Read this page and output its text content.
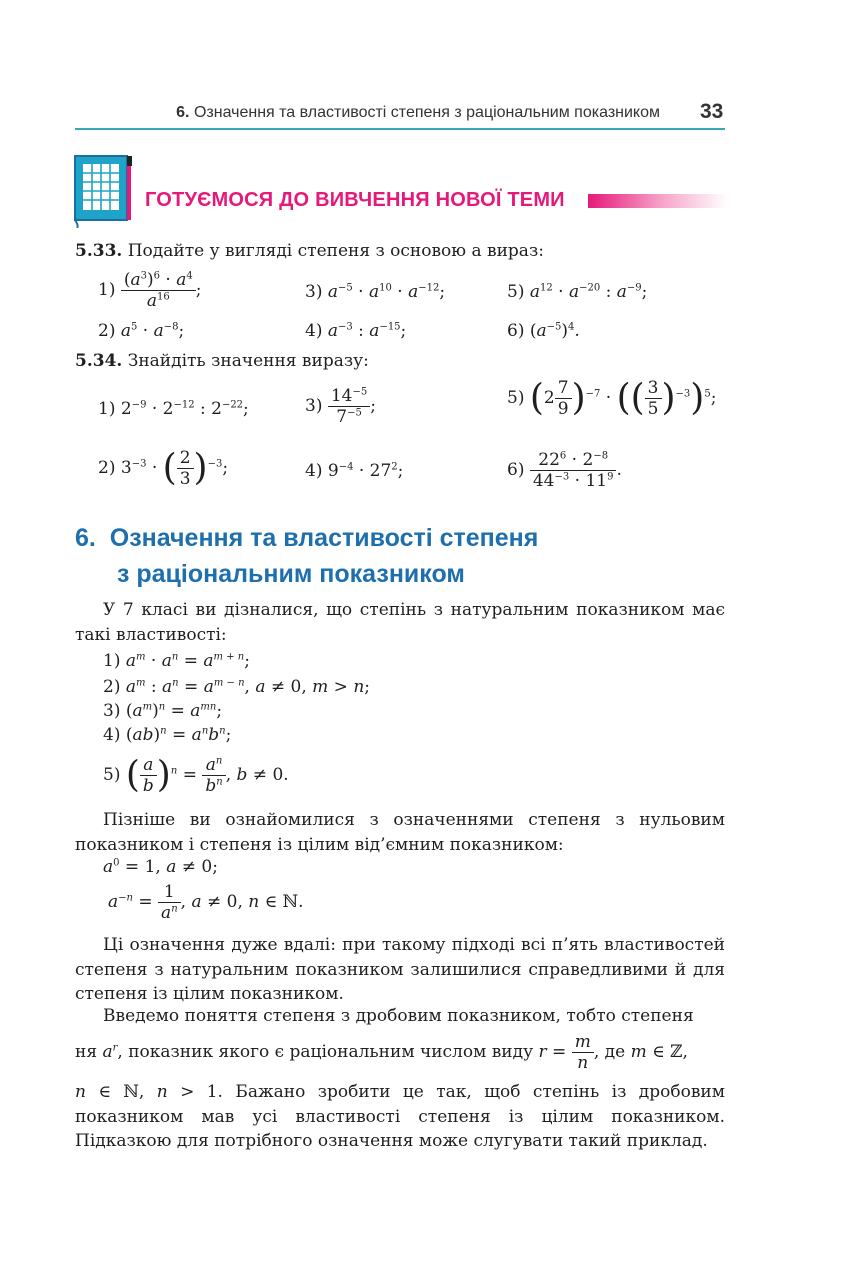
6. Означення та властивості степеня з раціональним показником 33
ГОТУЄМОСЯ ДО ВИВЧЕННЯ НОВОЇ ТЕМИ
5.33. Подайте у вигляді степеня з основою a вираз:
$1) \frac{(a^3)^6 \cdot a^4}{a^{16}}$ ;	3) $a^{-5} \cdot a^{10} \cdot a^{-12}$;	5) $a^{12} \cdot a^{-20}$ : $a^{-9}$;
2) $a^5 \cdot a^{-8}$;	4) $a^{-3}$ : $a^{-15}$;	6) $(a^{-5})^4$.
5.34. Знайдіть значення виразу:
1) $2^{-9} \cdot 2^{-12}$ : $2^{-22}$;	$3) \frac{14^{-5}}{7^{-5}}$ ;	5) $(2 \frac{7}{9} )^{-7}$ · (( $\frac{3}{5} )^{-3})^5$;
2) $3^{-3}$ · ( $\frac{2}{3} )^{-3}$;	4) $9^{-4} \cdot 27^2$;	$6) \frac{22^6 \cdot 2^{-8}}{44^{-3} \cdot 11^9}$ .
6. Означення та властивості степеня
з раціональним показником
У 7 класі ви дізналися, що степінь з натуральним показником має такі властивості:
1) $a^m \cdot a^n = a^{m + n}$;
2) $a^m$ : $a^n = a^{m - n}$, a ≠ 0, m > n;
3) $(a^m)^n = a^{mn}$;
4) $(ab)^n = a^nb^n$;
5) ( $\frac{a}{b} )^n = \frac{a^n}{b^n}$ , b ≠ 0.
Пізніше ви ознайомилися з означеннями степеня з нульовим показником і степеня із цілим від’ємним показником:
$a^0 = 1$, a ≠ 0;
$a^{-n} = \frac{1}{a^n}$ , a ≠ 0, n ∈ ℕ.
Ці означення дуже вдалі: при такому підході всі п’ять властивостей степеня з натуральним показником залишилися справедливими й для степеня із цілим показником.
Введемо поняття степеня з дробовим показником, тобто степеня
ня $a^r$, показник якого є раціональним числом виду $r = \frac{m}{n}$ , де m ∈ ℤ,
n ∈ ℕ, n > 1. Бажано зробити це так, щоб степінь із дробовим показником мав усі властивості степеня із цілим показником. Підказкою для потрібного означення може слугувати такий приклад.
